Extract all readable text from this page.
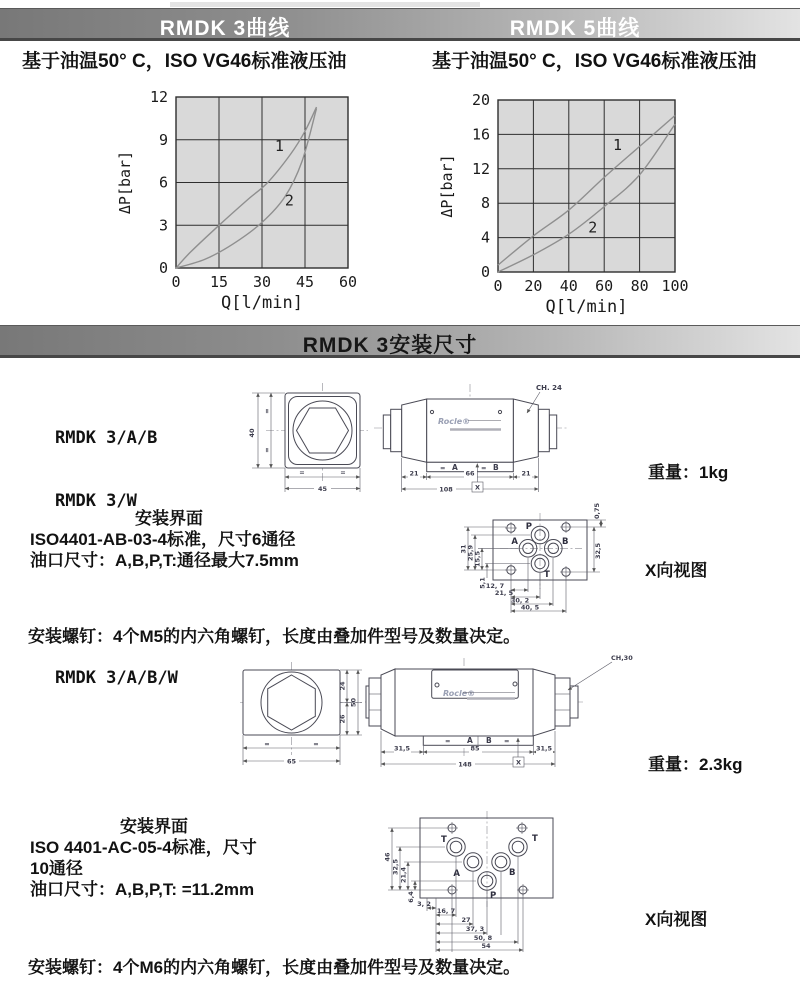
RMDK 3曲线	RMDK 5曲线
基于油温50° C，ISO VG46标准液压油	基于油温50° C，ISO VG46标准液压油
0
3
6
9
12
0 15 30 45 60
ΔP[bar]
Q[l/min]
1
2
0
4
8
12
16
20
0 20 40 60 80 100
ΔP[bar]
Q[l/min]
1
2
RMDK 3安装尺寸

RMDK 3/A/B

RMDK 3/W

40
=
=
=	=
45
Rocle®
= A	= B
21	66	21
108	X
CH. 24
重量：1kg
安装界面
ISO4401-AB-03-4标准，尺寸6通径
油口尺寸：A,B,P,T:通径最大7.5mm
P
A	B
T
31 25,9 15,5
5,1 12, 7
21, 5
30, 2
40, 5
0,75
32,5
X向视图
安装螺钉：4个M5的内六角螺钉，长度由叠加件型号及数量决定。
RMDK 3/A/B/W	24
26
50
=	=
65
Rocle®
= A B =
31,5	85	31,5
148	X
CH,30
重量：2.3kg
安装界面
ISO 4401-AC-05-4标准，尺寸
10通径
油口尺寸：A,B,P,T: =11.2mm
T	T
A	B
P
46
32,5 21,4
6,4
3, 2
16, 7
27
37, 3
50, 8
54
X向视图
安装螺钉：4个M6的内六角螺钉，长度由叠加件型号及数量决定。
